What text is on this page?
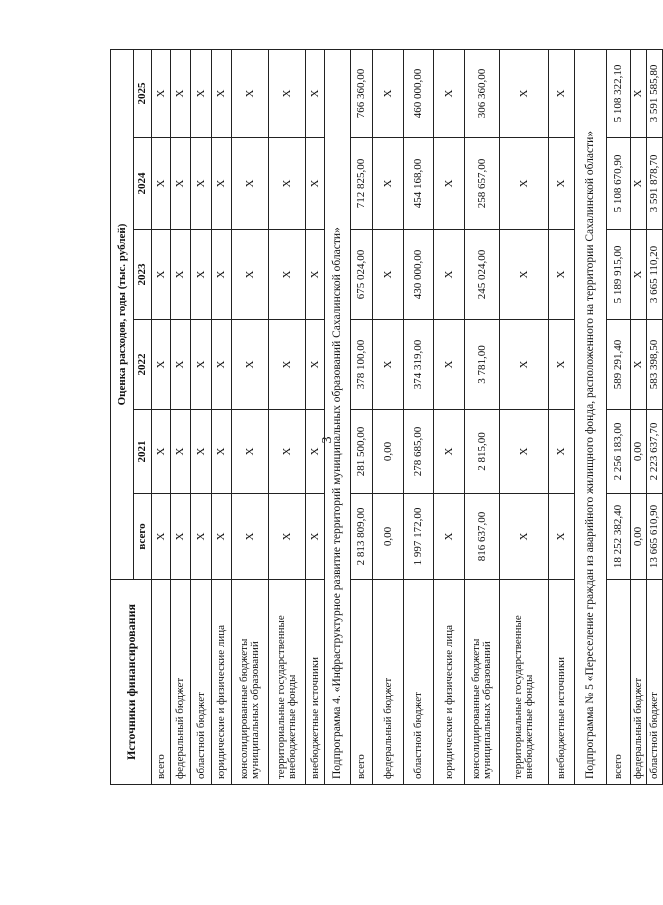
3
Источники финансирования	Оценка расходов, годы (тыс. рублей)					
	всего	2021	2022	2023	2024	2025
всего	X	X	X	X	X	X
федеральный бюджет	X	X	X	X	X	X
областной бюджет	X	X	X	X	X	X
юридические и физические лица	X	X	X	X	X	X
консолидированные бюджеты муниципальных образований	X	X	X	X	X	X
территориальные государственные внебюджетные фонды	X	X	X	X	X	X
внебюджетные источники	X	X	X	X	X	X
Подпрограмма 4. «Инфраструктурное развитие территорий муниципальных образований Сахалинской области»						
всего	2 813 809,00	281 500,00	378 100,00	675 024,00	712 825,00	766 360,00
федеральный бюджет	0,00	0,00	X	X	X	X
областной бюджет	1 997 172,00	278 685,00	374 319,00	430 000,00	454 168,00	460 000,00
юридические и физические лица	X	X	X	X	X	X
консолидированные бюджеты муниципальных образований	816 637,00	2 815,00	3 781,00	245 024,00	258 657,00	306 360,00
территориальные государственные внебюджетные фонды	X	X	X	X	X	X
внебюджетные источники	X	X	X	X	X	X
Подпрограмма № 5 «Переселение граждан из аварийного жилищного фонда, расположенного на территории Сахалинской области»						
всего	18 252 382,40	2 256 183,00	589 291,40	5 189 915,00	5 108 670,90	5 108 322,10
федеральный бюджет	0,00	0,00	X	X	X	X
областной бюджет	13 665 610,90	2 223 637,70	583 398,50	3 665 110,20	3 591 878,70	3 591 585,80
